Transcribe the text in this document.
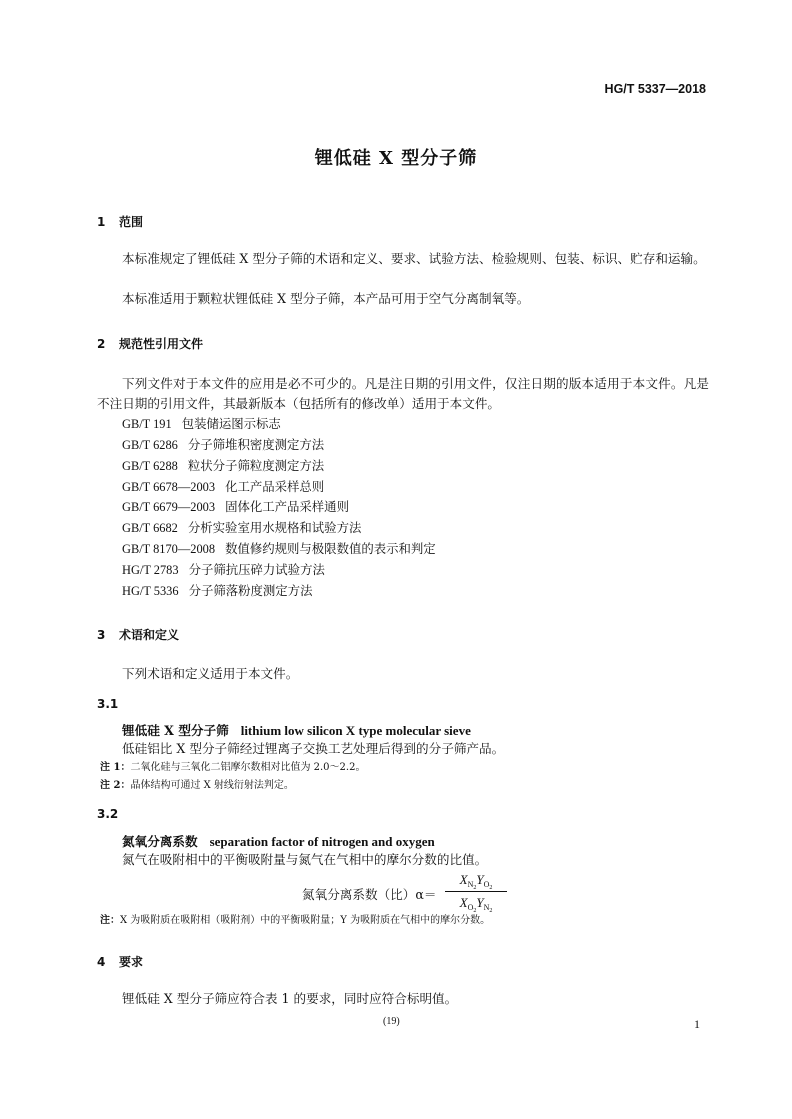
HG/T 5337—2018
锂低硅 X 型分子筛
1 范围
本标准规定了锂低硅 X 型分子筛的术语和定义、要求、试验方法、检验规则、包装、标识、贮存和运输。
本标准适用于颗粒状锂低硅 X 型分子筛，本产品可用于空气分离制氧等。
2 规范性引用文件
下列文件对于本文件的应用是必不可少的。凡是注日期的引用文件，仅注日期的版本适用于本文件。凡是不注日期的引用文件，其最新版本（包括所有的修改单）适用于本文件。
GB/T 191 包装储运图示标志
GB/T 6286 分子筛堆积密度测定方法
GB/T 6288 粒状分子筛粒度测定方法
GB/T 6678—2003 化工产品采样总则
GB/T 6679—2003 固体化工产品采样通则
GB/T 6682 分析实验室用水规格和试验方法
GB/T 8170—2008 数值修约规则与极限数值的表示和判定
HG/T 2783 分子筛抗压碎力试验方法
HG/T 5336 分子筛落粉度测定方法
3 术语和定义
下列术语和定义适用于本文件。
3.1
锂低硅 X 型分子筛 lithium low silicon X type molecular sieve
低硅铝比 X 型分子筛经过锂离子交换工艺处理后得到的分子筛产品。
注 1：二氧化硅与三氧化二铝摩尔数相对比值为 2.0～2.2。
注 2：晶体结构可通过 X 射线衍射法判定。
3.2
氮氧分离系数 separation factor of nitrogen and oxygen
氮气在吸附相中的平衡吸附量与氮气在气相中的摩尔分数的比值。
氮氧分离系数（比）α＝
$X_{N_2}Y_{O_2}$
$X_{O_2}Y_{N_2}$
注：X 为吸附质在吸附相（吸附剂）中的平衡吸附量；Y 为吸附质在气相中的摩尔分数。
4 要求
锂低硅 X 型分子筛应符合表 1 的要求，同时应符合标明值。
(19)	1
